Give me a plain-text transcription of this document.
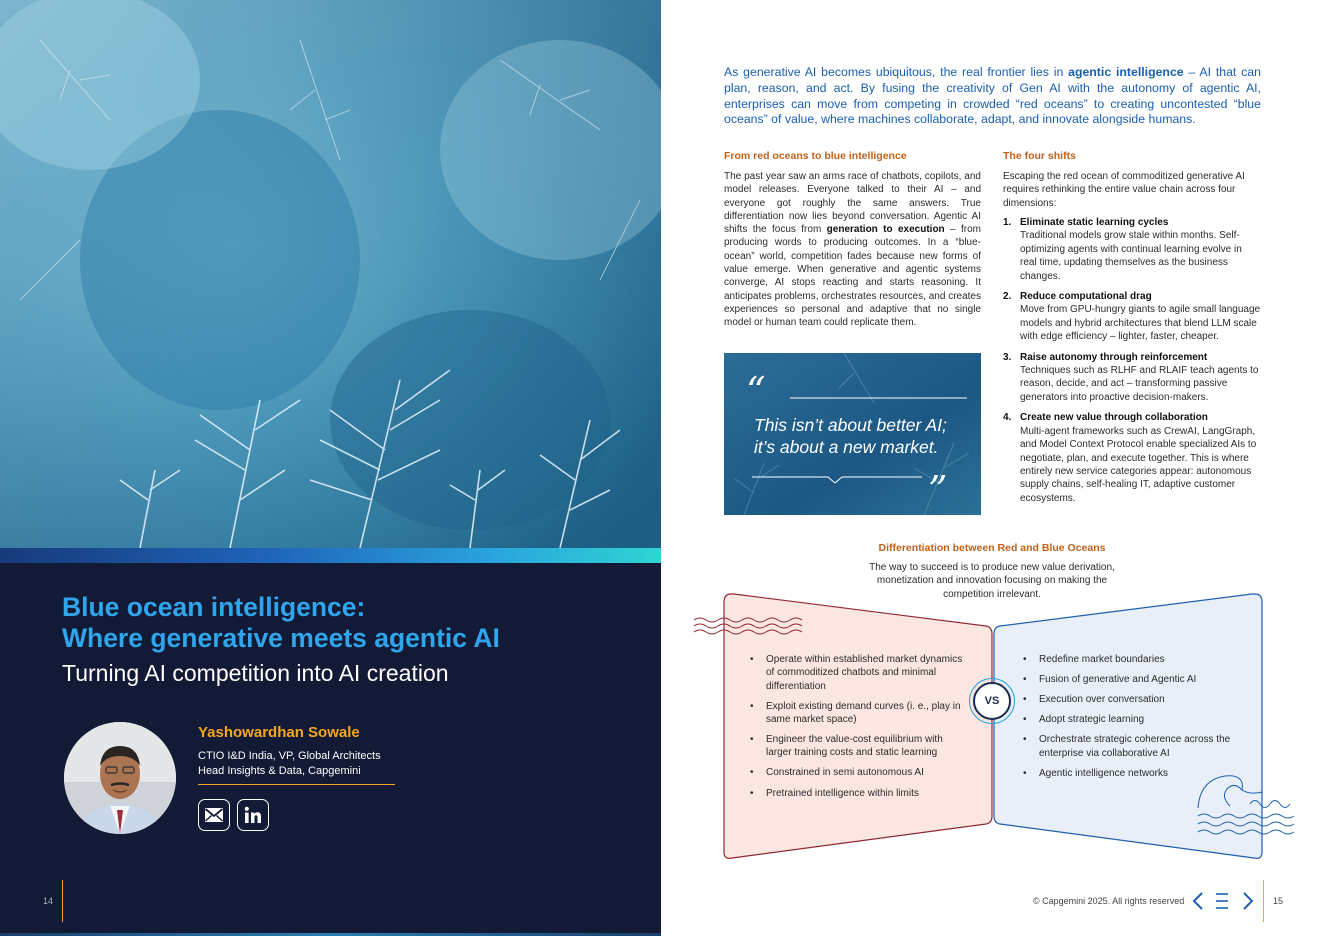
Blue ocean intelligence:
Where generative meets agentic AI
Turning AI competition into AI creation
Yashowardhan Sowale
CTIO I&D India, VP, Global Architects
Head Insights & Data, Capgemini
14

As generative AI becomes ubiquitous, the real frontier lies in agentic intelligence – AI that can plan, reason, and act. By fusing the creativity of Gen AI with the autonomy of agentic AI, enterprises can move from competing in crowded “red oceans” to creating uncontested “blue oceans” of value, where machines collaborate, adapt, and innovate alongside humans.

From red oceans to blue intelligence

The past year saw an arms race of chatbots, copilots, and model releases. Everyone talked to their AI – and everyone got roughly the same answers. True differentiation now lies beyond conversation. Agentic AI shifts the focus from generation to execution – from producing words to producing outcomes. In a “blue-ocean” world, competition fades because new forms of value emerge. When generative and agentic systems converge, AI stops reacting and starts reasoning. It anticipates problems, orchestrates resources, and creates experiences so personal and adaptive that no single model or human team could replicate them.

“
”
This isn’t about better AI;
it’s about a new market.
The four shifts

Escaping the red ocean of commoditized generative AI requires rethinking the entire value chain across four dimensions:

1. Eliminate static learning cycles
Traditional models grow stale within months. Self-optimizing agents with continual learning evolve in real time, updating themselves as the business changes.
2. Reduce computational drag
Move from GPU-hungry giants to agile small language models and hybrid architectures that blend LLM scale with edge efficiency – lighter, faster, cheaper.
3. Raise autonomy through reinforcement
Techniques such as RLHF and RLAIF teach agents to reason, decide, and act – transforming passive generators into proactive decision-makers.
4. Create new value through collaboration
Multi-agent frameworks such as CrewAI, LangGraph, and Model Context Protocol enable specialized AIs to negotiate, plan, and execute together. This is where entirely new service categories appear: autonomous supply chains, self-healing IT, adaptive customer ecosystems.
Differentiation between Red and Blue Oceans

The way to succeed is to produce new value derivation, monetization and innovation focusing on making the competition irrelevant.

• Operate within established market dynamics of commoditized chatbots and minimal differentiation
• Exploit existing demand curves (i. e., play in same market space)
• Engineer the value-cost equilibrium with larger training costs and static learning
• Constrained in semi autonomous AI
• Pretrained intelligence within limits
• Redefine market boundaries
• Fusion of generative and Agentic AI
• Execution over conversation
• Adopt strategic learning
• Orchestrate strategic coherence across the enterprise via collaborative AI
• Agentic intelligence networks
VS
© Capgemini 2025. All rights reserved	15
